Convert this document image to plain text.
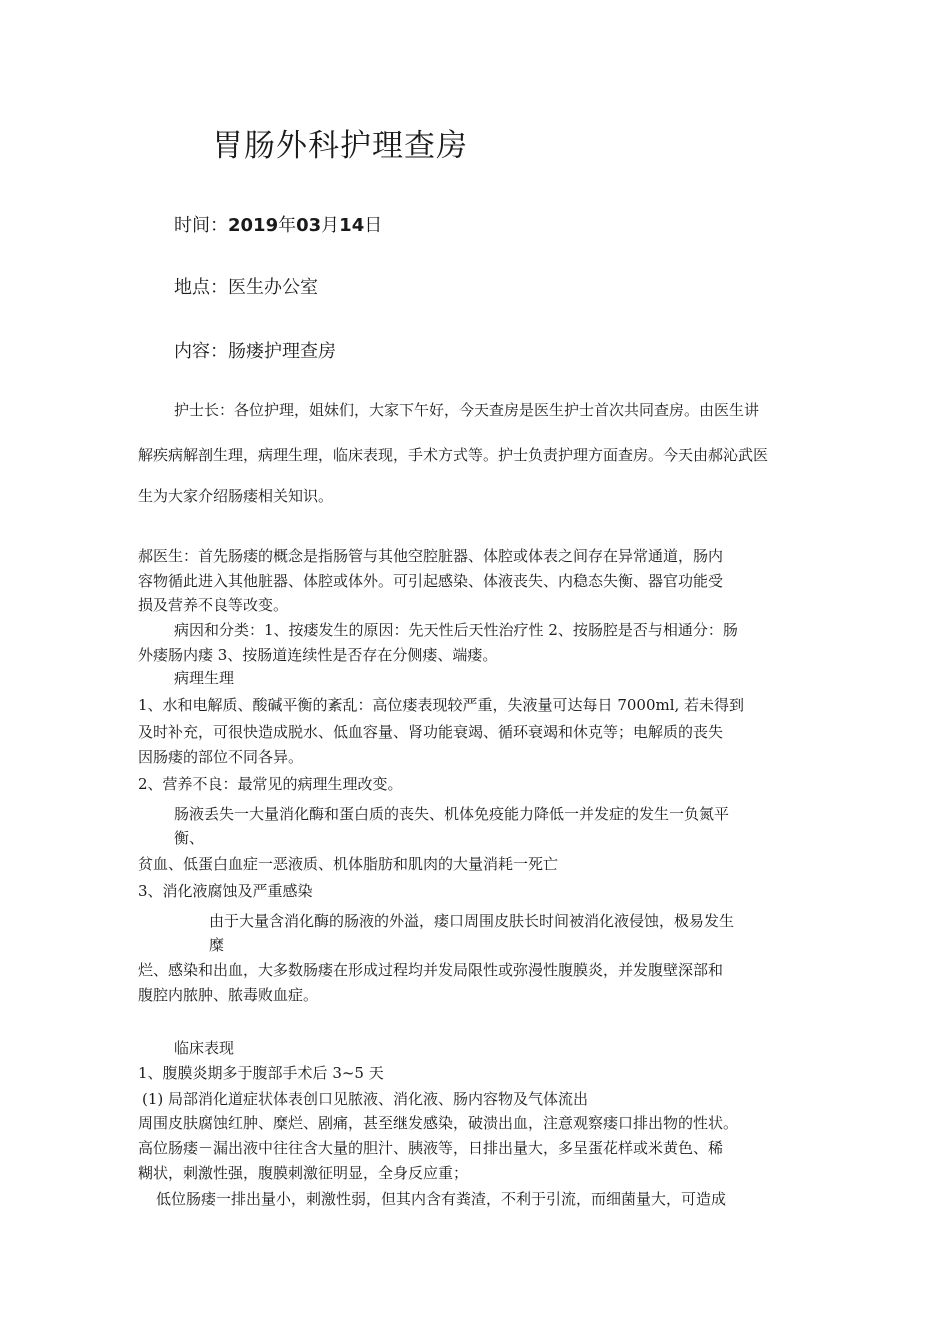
胃肠外科护理查房
时间：2019年03月14日
地点：医生办公室
内容：肠瘘护理查房
护士长：各位护理，姐妹们，大家下午好，今天查房是医生护士首次共同查房。由医生讲
解疾病解剖生理，病理生理，临床表现，手术方式等。护士负责护理方面查房。今天由郝沁武医
生为大家介绍肠瘘相关知识。
郝医生：首先肠瘘的概念是指肠管与其他空腔脏器、体腔或体表之间存在异常通道，肠内
容物循此进入其他脏器、体腔或体外。可引起感染、体液丧失、内稳态失衡、器官功能受
损及营养不良等改变。
病因和分类：1、按瘘发生的原因：先天性后天性治疗性 2、按肠腔是否与相通分：肠
外瘘肠内瘘 3、按肠道连续性是否存在分侧瘘、端瘘。
病理生理
1、水和电解质、酸碱平衡的紊乱：高位瘘表现较严重，失液量可达每日 7000ml, 若未得到
及时补充，可很快造成脱水、低血容量、肾功能衰竭、循环衰竭和休克等；电解质的丧失
因肠瘘的部位不同各异。
2、营养不良：最常见的病理生理改变。
肠液丢失一大量消化酶和蛋白质的丧失、机体免疫能力降低一并发症的发生一负氮平
衡、
贫血、低蛋白血症一恶液质、机体脂肪和肌肉的大量消耗一死亡
3、消化液腐蚀及严重感染
由于大量含消化酶的肠液的外溢，瘘口周围皮肤长时间被消化液侵蚀，极易发生
糜
烂、感染和出血，大多数肠瘘在形成过程均并发局限性或弥漫性腹膜炎，并发腹壁深部和
腹腔内脓肿、脓毒败血症。
临床表现
1、腹膜炎期多于腹部手术后 3~5 天
(1) 局部消化道症状体表创口见脓液、消化液、肠内容物及气体流出
周围皮肤腐蚀红肿、糜烂、剧痛，甚至继发感染，破溃出血，注意观察瘘口排出物的性状。
高位肠瘘－漏出液中往往含大量的胆汁、胰液等，日排出量大，多呈蛋花样或米黄色、稀
糊状，刺激性强，腹膜刺激征明显，全身反应重；
低位肠瘘一排出量小，刺激性弱，但其内含有粪渣，不利于引流，而细菌量大，可造成
